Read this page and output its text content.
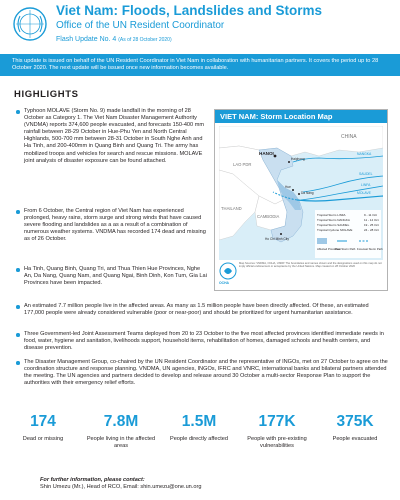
Viet Nam: Floods, Landslides and Storms
Office of the UN Resident Coordinator
Flash Update No. 4 (As of 28 October 2020)
This update is issued on behalf of the UN Resident Coordinator in Viet Nam in collaboration with humanitarian partners. It covers the period up to 28 October 2020. The next update will be issued once new information becomes available.
HIGHLIGHTS
Typhoon MOLAVE (Storm No. 9) made landfall in the morning of 28 October as Category 1. The Viet Nam Disaster Management Authority (VNDMA) reports 374,600 people evacuated, and forecasts 150-400 mm rainfall between 28-29 October in Hue-Phu Yen and North Central Highlands, 500-700 mm between 28-31 October in South Nghe Anh and Ha Tinh, and 200-400mm in Quang Binh and Quang Tri. The army has mobilized troops and vehicles for search and rescue missions. MOLAVE joint analysis of disaster exposure can be found attached.
From 6 October, the Central region of Viet Nam has experienced prolonged, heavy rains, storm surge and strong winds that have caused severe flooding and landslides as a as a result of a combination of numerous weather systems. VNDMA has recorded 174 dead and missing as of 26 October.
Ha Tinh, Quang Binh, Quang Tri, and Thua Thien Hue Provinces, Nghe An, Da Nang, Quang Nam, and Quang Ngai, Binh Dinh, Kon Tum, Gia Lai Provinces have been impacted.
An estimated 7.7 million people live in the affected areas. As many as 1.5 million people have been directly affected. Of these, an estimated 177,000 people were already considered vulnerable (poor or near-poor) and should be prioritized for urgent humanitarian assistance.
Three Government-led Joint Assessment Teams deployed from 20 to 23 October to the five most affected provinces identified immediate needs in food, water, hygiene and sanitation, livelihoods support, household items, rehabilitation of homes, damaged schools and health centers, and disease prevention.
The Disaster Management Group, co-chaired by the UN Resident Coordinator and the representative of INGOs, met on 27 October to agree on the coordination structure and response planning. VNDMA, UN agencies, INGOs, IFRC and VNRC, international banks and bilateral partners attended the meeting. The UN agencies and partners decided to develop and release around 30 October a multi-sector Response Plan to support the authorities with their emergency relief efforts.
VIET NAM: Storm Location Map
CHINA
HANOI
Haiphong
LAO PDR
THAILAND
CAMBODIA
Hue
Da Nang
Ho Chi Minh City
NANGKA
SAUDEL
LINFA
MOLAVE
Tropical Storm LINFA	9 - 11 Oct
Tropical Storm NANGKA	11 - 14 Oct
Tropical Storm SAUDEL	19 - 25 Oct
Tropical Cyclone MOLAVE	24 - 28 Oct
Affected Provinces
Past Storm Path Forecast Storm Path
OCHA
Map Sources: VNDMA, OCHA, UNDP. The boundaries and names shown and the designations used on this map do not imply official endorsement or acceptance by the United Nations. Map created on 28 October 2020
174
Dead or missing
7.8M
People living in the affected areas
1.5M
People directly affected
177K
People with pre-existing vulnerabilities
375K
People evacuated
For further information, please contact:
Shin Umezu (Mr.), Head of RCO, Email: shin.umezu@one.un.org
